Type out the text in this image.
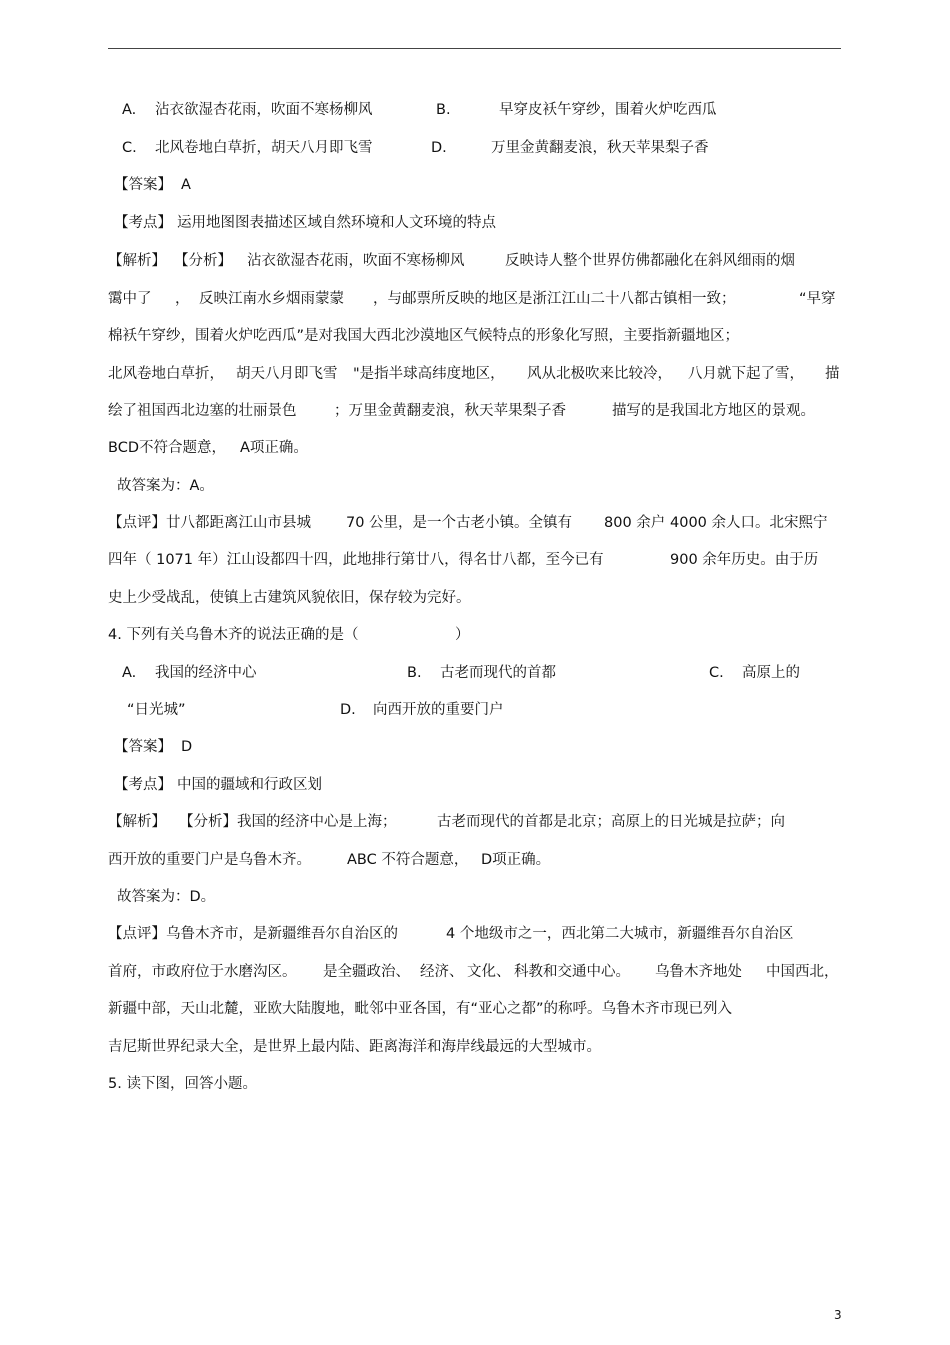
A. 沾衣欲湿杏花雨，吹面不寒杨柳风	B.	早穿皮袄午穿纱，围着火炉吃西瓜
C. 北风卷地白草折，胡天八月即飞雪	D.	万里金黄翻麦浪，秋天苹果梨子香
【答案】 A
【考点】 运用地图图表描述区域自然环境和人文环境的特点
【解析】 【分析】 沾衣欲湿杏花雨，吹面不寒杨柳风	反映诗人整个世界仿佛都融化在斜风细雨的烟
霭中了 ， 反映江南水乡烟雨蒙蒙 ，与邮票所反映的地区是浙江江山二十八都古镇相一致；	“早穿
棉袄午穿纱，围着火炉吃西瓜”是对我国大西北沙漠地区气候特点的形象化写照，主要指新疆地区；
北风卷地白草折， 胡天八月即飞雪 "是指半球高纬度地区， 风从北极吹来比较冷， 八月就下起了雪， 描
绘了祖国西北边塞的壮丽景色	；万里金黄翻麦浪，秋天苹果梨子香	描写的是我国北方地区的景观。
BCD不符合题意， A项正确。
故答案为：A。
【点评】廿八都距离江山市县城 70 公里，是一个古老小镇。全镇有 800 余户 4000 余人口。北宋熙宁
四年（ 1071 年）江山设都四十四，此地排行第廿八，得名廿八都，至今已有	900 余年历史。由于历
史上少受战乱，使镇上古建筑风貌依旧，保存较为完好。
4. 下列有关乌鲁木齐的说法正确的是（	）
A. 我国的经济中心	B. 古老而现代的首都	C. 高原上的
“日光城”	D. 向西开放的重要门户
【答案】 D
【考点】 中国的疆域和行政区划
【解析】 【分析】我国的经济中心是上海；	古老而现代的首都是北京；高原上的日光城是拉萨；向
西开放的重要门户是乌鲁木齐。 ABC 不符合题意， D项正确。
故答案为：D。
【点评】乌鲁木齐市，是新疆维吾尔自治区的	4 个地级市之一，西北第二大城市，新疆维吾尔自治区
首府，市政府位于水磨沟区。 是全疆政治、 经济、 文化、 科教和交通中心。 乌鲁木齐地处 中国西北，
新疆中部，天山北麓，亚欧大陆腹地，毗邻中亚各国，有“亚心之都”的称呼。乌鲁木齐市现已列入
吉尼斯世界纪录大全，是世界上最内陆、距离海洋和海岸线最远的大型城市。
5. 读下图，回答小题。
3
